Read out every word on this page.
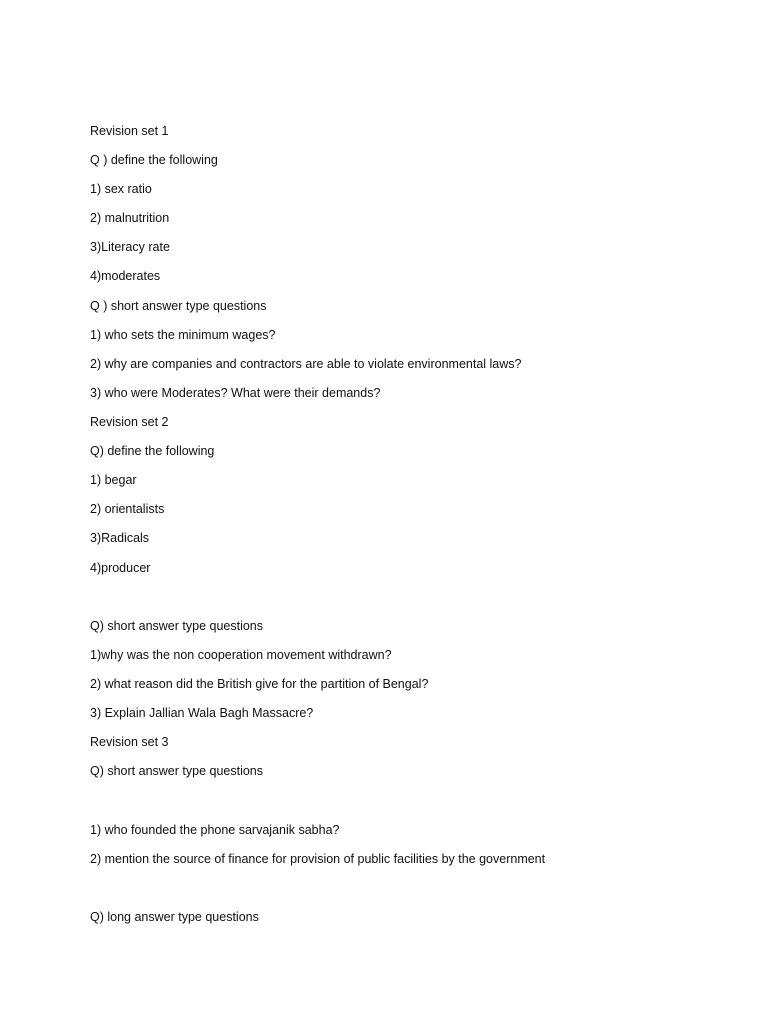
Revision set 1
Q ) define the following
1) sex ratio
2) malnutrition
3)Literacy rate
4)moderates
Q ) short answer type questions
1) who sets the minimum wages?
2) why are companies and contractors are able to violate environmental laws?
3) who were Moderates? What were their demands?
Revision set 2
Q) define the following
1) begar
2) orientalists
3)Radicals
4)producer
Q) short answer type questions
1)why was the non cooperation movement withdrawn?
2) what reason did the British give for the partition of Bengal?
3) Explain Jallian Wala Bagh Massacre?
Revision set 3
Q) short answer type questions
1) who founded the phone sarvajanik sabha?
2) mention the source of finance for provision of public facilities by the government
Q) long answer type questions
